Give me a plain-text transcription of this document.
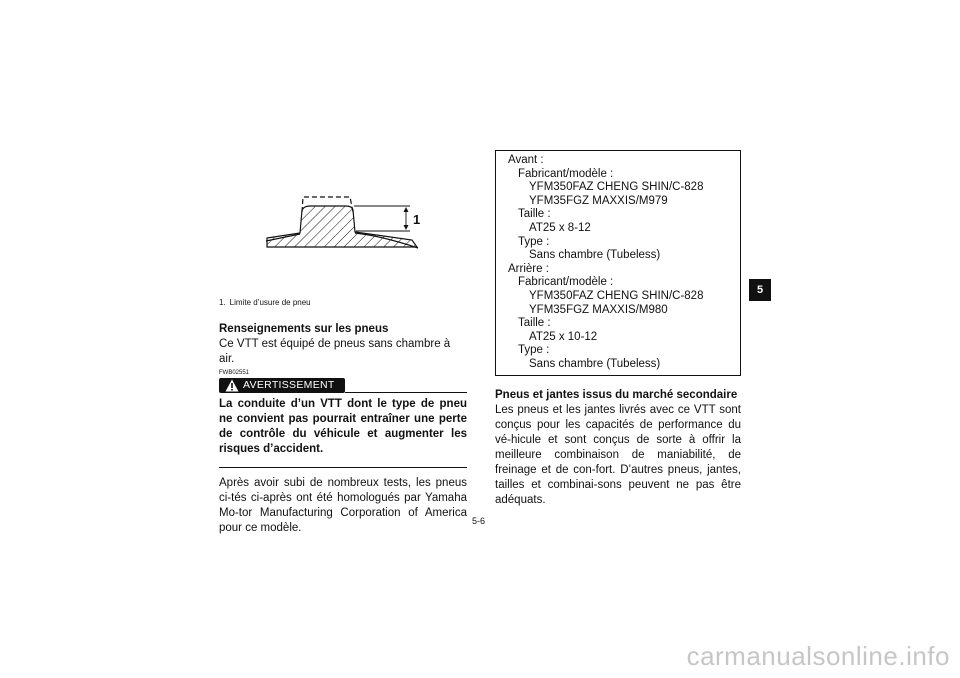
1
1. Limite d’usure de pneu
Renseignements sur les pneus
Ce VTT est équipé de pneus sans chambre à air.
FWB02551
AVERTISSEMENT
La conduite d’un VTT dont le type de pneu ne convient pas pourrait entraîner une perte de contrôle du véhicule et augmenter les risques d’accident.
Après avoir subi de nombreux tests, les pneus ci-tés ci-après ont été homologués par Yamaha Mo-tor Manufacturing Corporation of America pour ce modèle.
Avant :
Fabricant/modèle :
YFM350FAZ CHENG SHIN/C-828
YFM35FGZ MAXXIS/M979
Taille :
AT25 x 8-12
Type :
Sans chambre (Tubeless)
Arrière :
Fabricant/modèle :
YFM350FAZ CHENG SHIN/C-828
YFM35FGZ MAXXIS/M980
Taille :
AT25 x 10-12
Type :
Sans chambre (Tubeless)
Pneus et jantes issus du marché secondaire
Les pneus et les jantes livrés avec ce VTT sont conçus pour les capacités de performance du vé-hicule et sont conçus de sorte à offrir la meilleure combinaison de maniabilité, de freinage et de con-fort. D’autres pneus, jantes, tailles et combinai-sons peuvent ne pas être adéquats.
5-6
5
carmanualsonline.info
